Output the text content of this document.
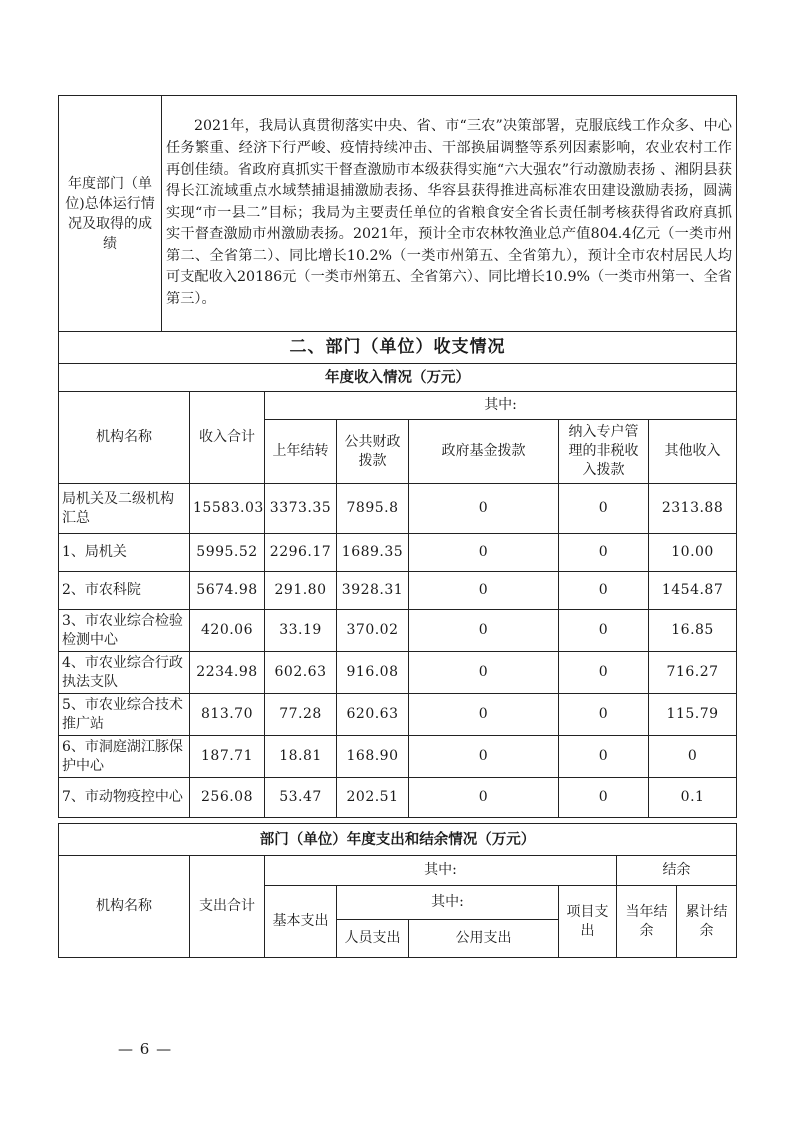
年度部门（单位)总体运行情况及取得的成绩	2021年，我局认真贯彻落实中央、省、市“三农”决策部署，克服底线工作众多、中心任务繁重、经济下行严峻、疫情持续冲击、干部换届调整等系列因素影响，农业农村工作再创佳绩。省政府真抓实干督查激励市本级获得实施“六大强农”行动激励表扬 、湘阴县获得长江流域重点水域禁捕退捕激励表扬、华容县获得推进高标准农田建设激励表扬，圆满实现“市一县二”目标；我局为主要责任单位的省粮食安全省长责任制考核获得省政府真抓实干督查激励市州激励表扬。2021年，预计全市农林牧渔业总产值804.4亿元（一类市州第二、全省第二）、同比增长10.2%（一类市州第五、全省第九），预计全市农村居民人均可支配收入20186元（一类市州第五、全省第六）、同比增长10.9%（一类市州第一、全省第三）。
二、部门（单位）收支情况						
年度收入情况（万元）						
机构名称	收入合计	其中:				
		上年结转	公共财政拨款	政府基金拨款	纳入专户管理的非税收入拨款	其他收入
局机关及二级机构汇总	15583.03	3373.35	7895.8	0	0	2313.88
1、局机关	5995.52	2296.17	1689.35	0	0	10.00
2、市农科院	5674.98	291.80	3928.31	0	0	1454.87
3、市农业综合检验检测中心	420.06	33.19	370.02	0	0	16.85
4、市农业综合行政执法支队	2234.98	602.63	916.08	0	0	716.27
5、市农业综合技术推广站	813.70	77.28	620.63	0	0	115.79
6、市洞庭湖江豚保护中心	187.71	18.81	168.90	0	0	0
7、市动物疫控中心	256.08	53.47	202.51	0	0	0.1
部门（单位）年度支出和结余情况（万元）							
机构名称	支出合计	其中:				结余	
		基本支出	其中:		项目支出	当年结余	累计结余
			人员支出	公用支出			
— 6 —
